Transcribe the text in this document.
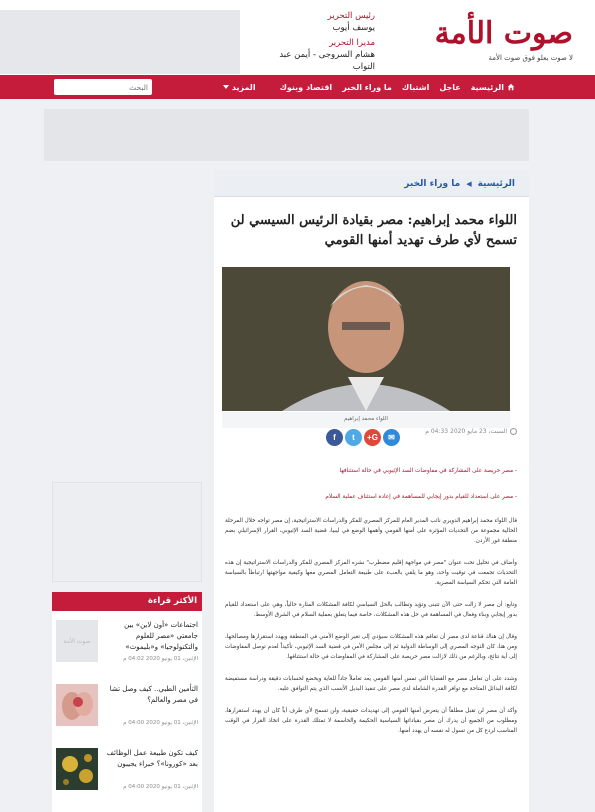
صوت الأمة
لا صوت يعلو فوق صوت الأمة
رئيس التحرير
يوسف أيوب
مديرا التحرير
هشام السروجى - أيمن عبد التواب
الرئيسية
عاجل
اشتباك
ما وراء الخبر
اقتصاد وبنوك
المزيد
البحث
الرئيسية
◀
ما وراء الخبر
اللواء محمد إبراهيم: مصر بقيادة الرئيس السيسي لن تسمح لأي طرف تهديد أمنها القومي
اللواء محمد إبراهيم
السبت، 23 مايو 2020 04:33 م
✉
G+
t
f
- مصر حريصة على المشاركة في مفاوضات السد الإثيوبي في حالة استئنافها
- مصر على استعداد للقيام بدور إيجابي للمساهمة في إعادة استئناف عملية السلام

قال اللواء محمد إبراهيم الدويري نائب المدير العام للمركز المصري للفكر والدراسات الاستراتيجية، إن مصر تواجه خلال المرحلة الحالية مجموعة من التحديات المؤثرة على أمنها القومي وأهمها الوضع في ليبيا، قضية السد الإثيوبي، القرار الإسرائيلي بضم منطقة غور الأردن.

وأضاف في تحليل تحت عنوان "مصر في مواجهة إقليم مضطرب" نشره المركز المصري للفكر والدراسات الاستراتيجية إن هذه التحديات تجمعت في توقيت واحد، وهو ما يلقي بالعبء على طبيعة التعامل المصري معها وكيفية مواجهتها ارتباطاً بالسياسة العامة التي تحكم السياسة المصرية.

وتابع: أن مصر لا زالت حتى الآن تتبنى وتؤيد وتطالب بالحل السياسي لكافة المشكلات المثارة حالياً، وهي على استعداد للقيام بدور إيجابي وبناء وفعال في المساهمة في حل هذه المشكلات، خاصة فيما يتعلق بعملية السلام في الشرق الأوسط.

وقال إن هناك قناعة لدى مصر أن تفاقم هذه المشكلات سيؤدي إلى تغير الوضع الأمني في المنطقة ويهدد استقرارها ومصالحها، ومن هنا، كان التوجه المصري إلى الوساطة الدولية ثم إلى مجلس الأمن في قضية السد الإثيوبي، تأكيداً لعدم توصل المفاوضات إلى أية نتائج، وبالرغم من ذلك لازالت مصر حريصة على المشاركة في المفاوضات في حالة استئنافها.

وشدد على أن تعامل مصر مع القضايا التي تمس أمنها القومي يعد تعاملاً جاداً للغاية ويخضع لحسابات دقيقة ودراسة مستفيضة لكافة البدائل المتاحة مع توافر القدرة الشاملة لدى مصر على تنفيذ البديل الأنسب الذي يتم التوافق عليه.

وأكد أن مصر لن تقبل مطلقاً أن يتعرض أمنها القومي إلى تهديدات حقيقية، ولن تسمح لأي طرف أياً كان أن يهدد استقرارها، ومطلوب من الجميع أن يدرك أن مصر بقياداتها السياسية الحكيمة والحاسمة لا تمتلك القدرة على اتخاذ القرار في الوقت المناسب لردع كل من تسول له نفسه أن يهدد أمنها.

الأكثر قراءة
صوت الأمة
اجتماعات «أون لاين» بين جامعتي «مصر للعلوم والتكنولوجيا» و«بليموث»
الإثنين، 01 يونيو 2020 04:02 م
التأمين الطبي.. كيف وصل تشا في مصر والعالم؟
الإثنين، 01 يونيو 2020 04:00 م
كيف تكون طبيعة عمل الوظائف بعد «كورونا»؟ خبراء يجيبون
الإثنين، 01 يونيو 2020 04:00 م
